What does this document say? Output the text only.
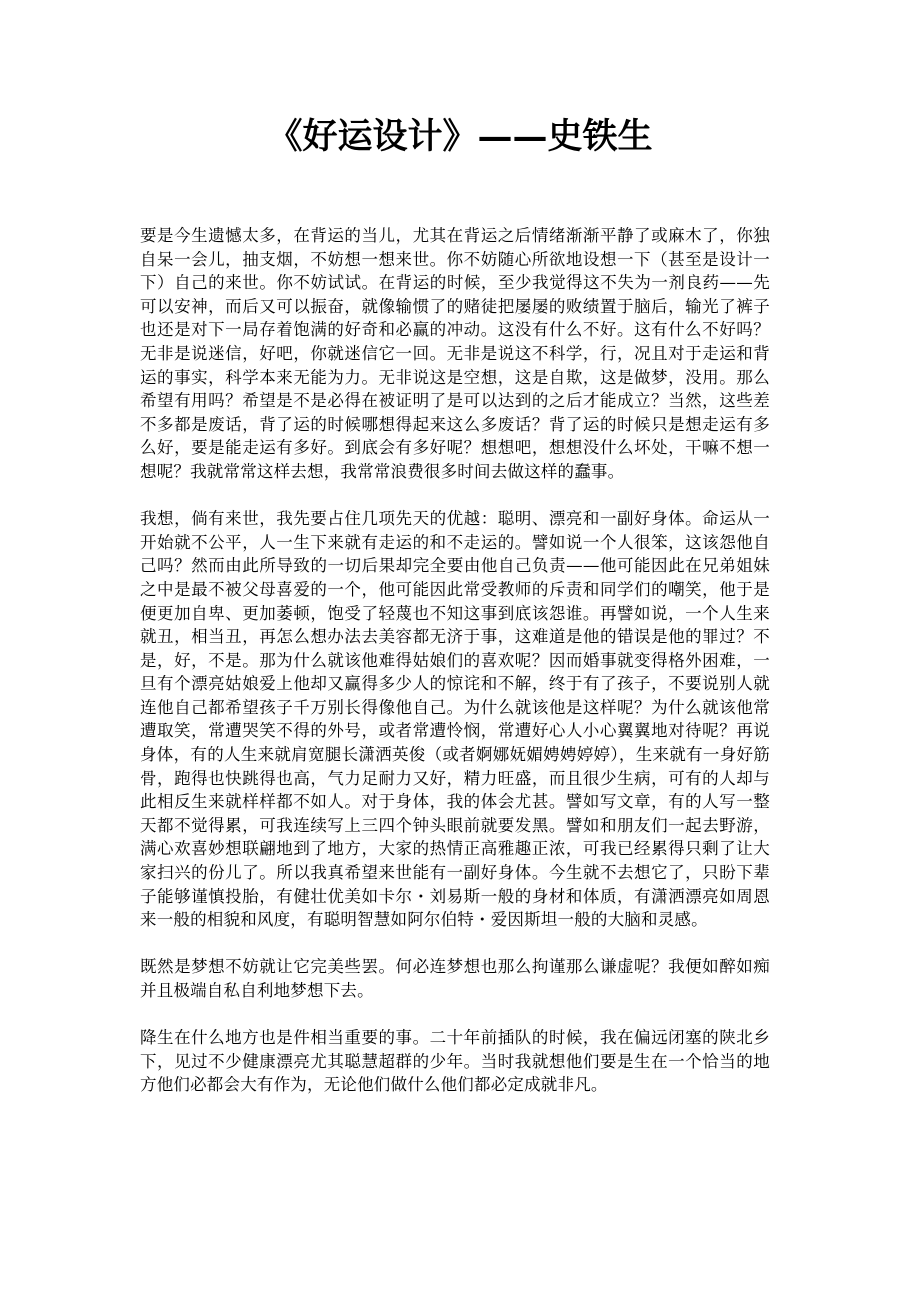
《好运设计》——史铁生

要是今生遗憾太多，在背运的当儿，尤其在背运之后情绪渐渐平静了或麻木了，你独自呆一会儿，抽支烟，不妨想一想来世。你不妨随心所欲地设想一下（甚至是设计一下）自己的来世。你不妨试试。在背运的时候，至少我觉得这不失为一剂良药——先可以安神，而后又可以振奋，就像输惯了的赌徒把屡屡的败绩置于脑后，输光了裤子也还是对下一局存着饱满的好奇和必赢的冲动。这没有什么不好。这有什么不好吗？无非是说迷信，好吧，你就迷信它一回。无非是说这不科学，行，况且对于走运和背运的事实，科学本来无能为力。无非说这是空想，这是自欺，这是做梦，没用。那么希望有用吗？希望是不是必得在被证明了是可以达到的之后才能成立？当然，这些差不多都是废话，背了运的时候哪想得起来这么多废话？背了运的时候只是想走运有多么好，要是能走运有多好。到底会有多好呢？想想吧，想想没什么坏处，干嘛不想一想呢？我就常常这样去想，我常常浪费很多时间去做这样的蠢事。

我想，倘有来世，我先要占住几项先天的优越：聪明、漂亮和一副好身体。命运从一开始就不公平，人一生下来就有走运的和不走运的。譬如说一个人很笨，这该怨他自己吗？然而由此所导致的一切后果却完全要由他自己负责——他可能因此在兄弟姐妹之中是最不被父母喜爱的一个，他可能因此常受教师的斥责和同学们的嘲笑，他于是便更加自卑、更加萎顿，饱受了轻蔑也不知这事到底该怨谁。再譬如说，一个人生来就丑，相当丑，再怎么想办法去美容都无济于事，这难道是他的错误是他的罪过？不是，好，不是。那为什么就该他难得姑娘们的喜欢呢？因而婚事就变得格外困难，一旦有个漂亮姑娘爱上他却又赢得多少人的惊诧和不解，终于有了孩子，不要说别人就连他自己都希望孩子千万别长得像他自己。为什么就该他是这样呢？为什么就该他常遭取笑，常遭哭笑不得的外号，或者常遭怜悯，常遭好心人小心翼翼地对待呢？再说身体，有的人生来就肩宽腿长潇洒英俊（或者婀娜妩媚娉娉婷婷），生来就有一身好筋骨，跑得也快跳得也高，气力足耐力又好，精力旺盛，而且很少生病，可有的人却与此相反生来就样样都不如人。对于身体，我的体会尤甚。譬如写文章，有的人写一整天都不觉得累，可我连续写上三四个钟头眼前就要发黑。譬如和朋友们一起去野游，满心欢喜妙想联翩地到了地方，大家的热情正高雅趣正浓，可我已经累得只剩了让大家扫兴的份儿了。所以我真希望来世能有一副好身体。今生就不去想它了，只盼下辈子能够谨慎投胎，有健壮优美如卡尔・刘易斯一般的身材和体质，有潇洒漂亮如周恩来一般的相貌和风度，有聪明智慧如阿尔伯特・爱因斯坦一般的大脑和灵感。

既然是梦想不妨就让它完美些罢。何必连梦想也那么拘谨那么谦虚呢？我便如醉如痴并且极端自私自利地梦想下去。

降生在什么地方也是件相当重要的事。二十年前插队的时候，我在偏远闭塞的陕北乡下，见过不少健康漂亮尤其聪慧超群的少年。当时我就想他们要是生在一个恰当的地方他们必都会大有作为，无论他们做什么他们都必定成就非凡。
